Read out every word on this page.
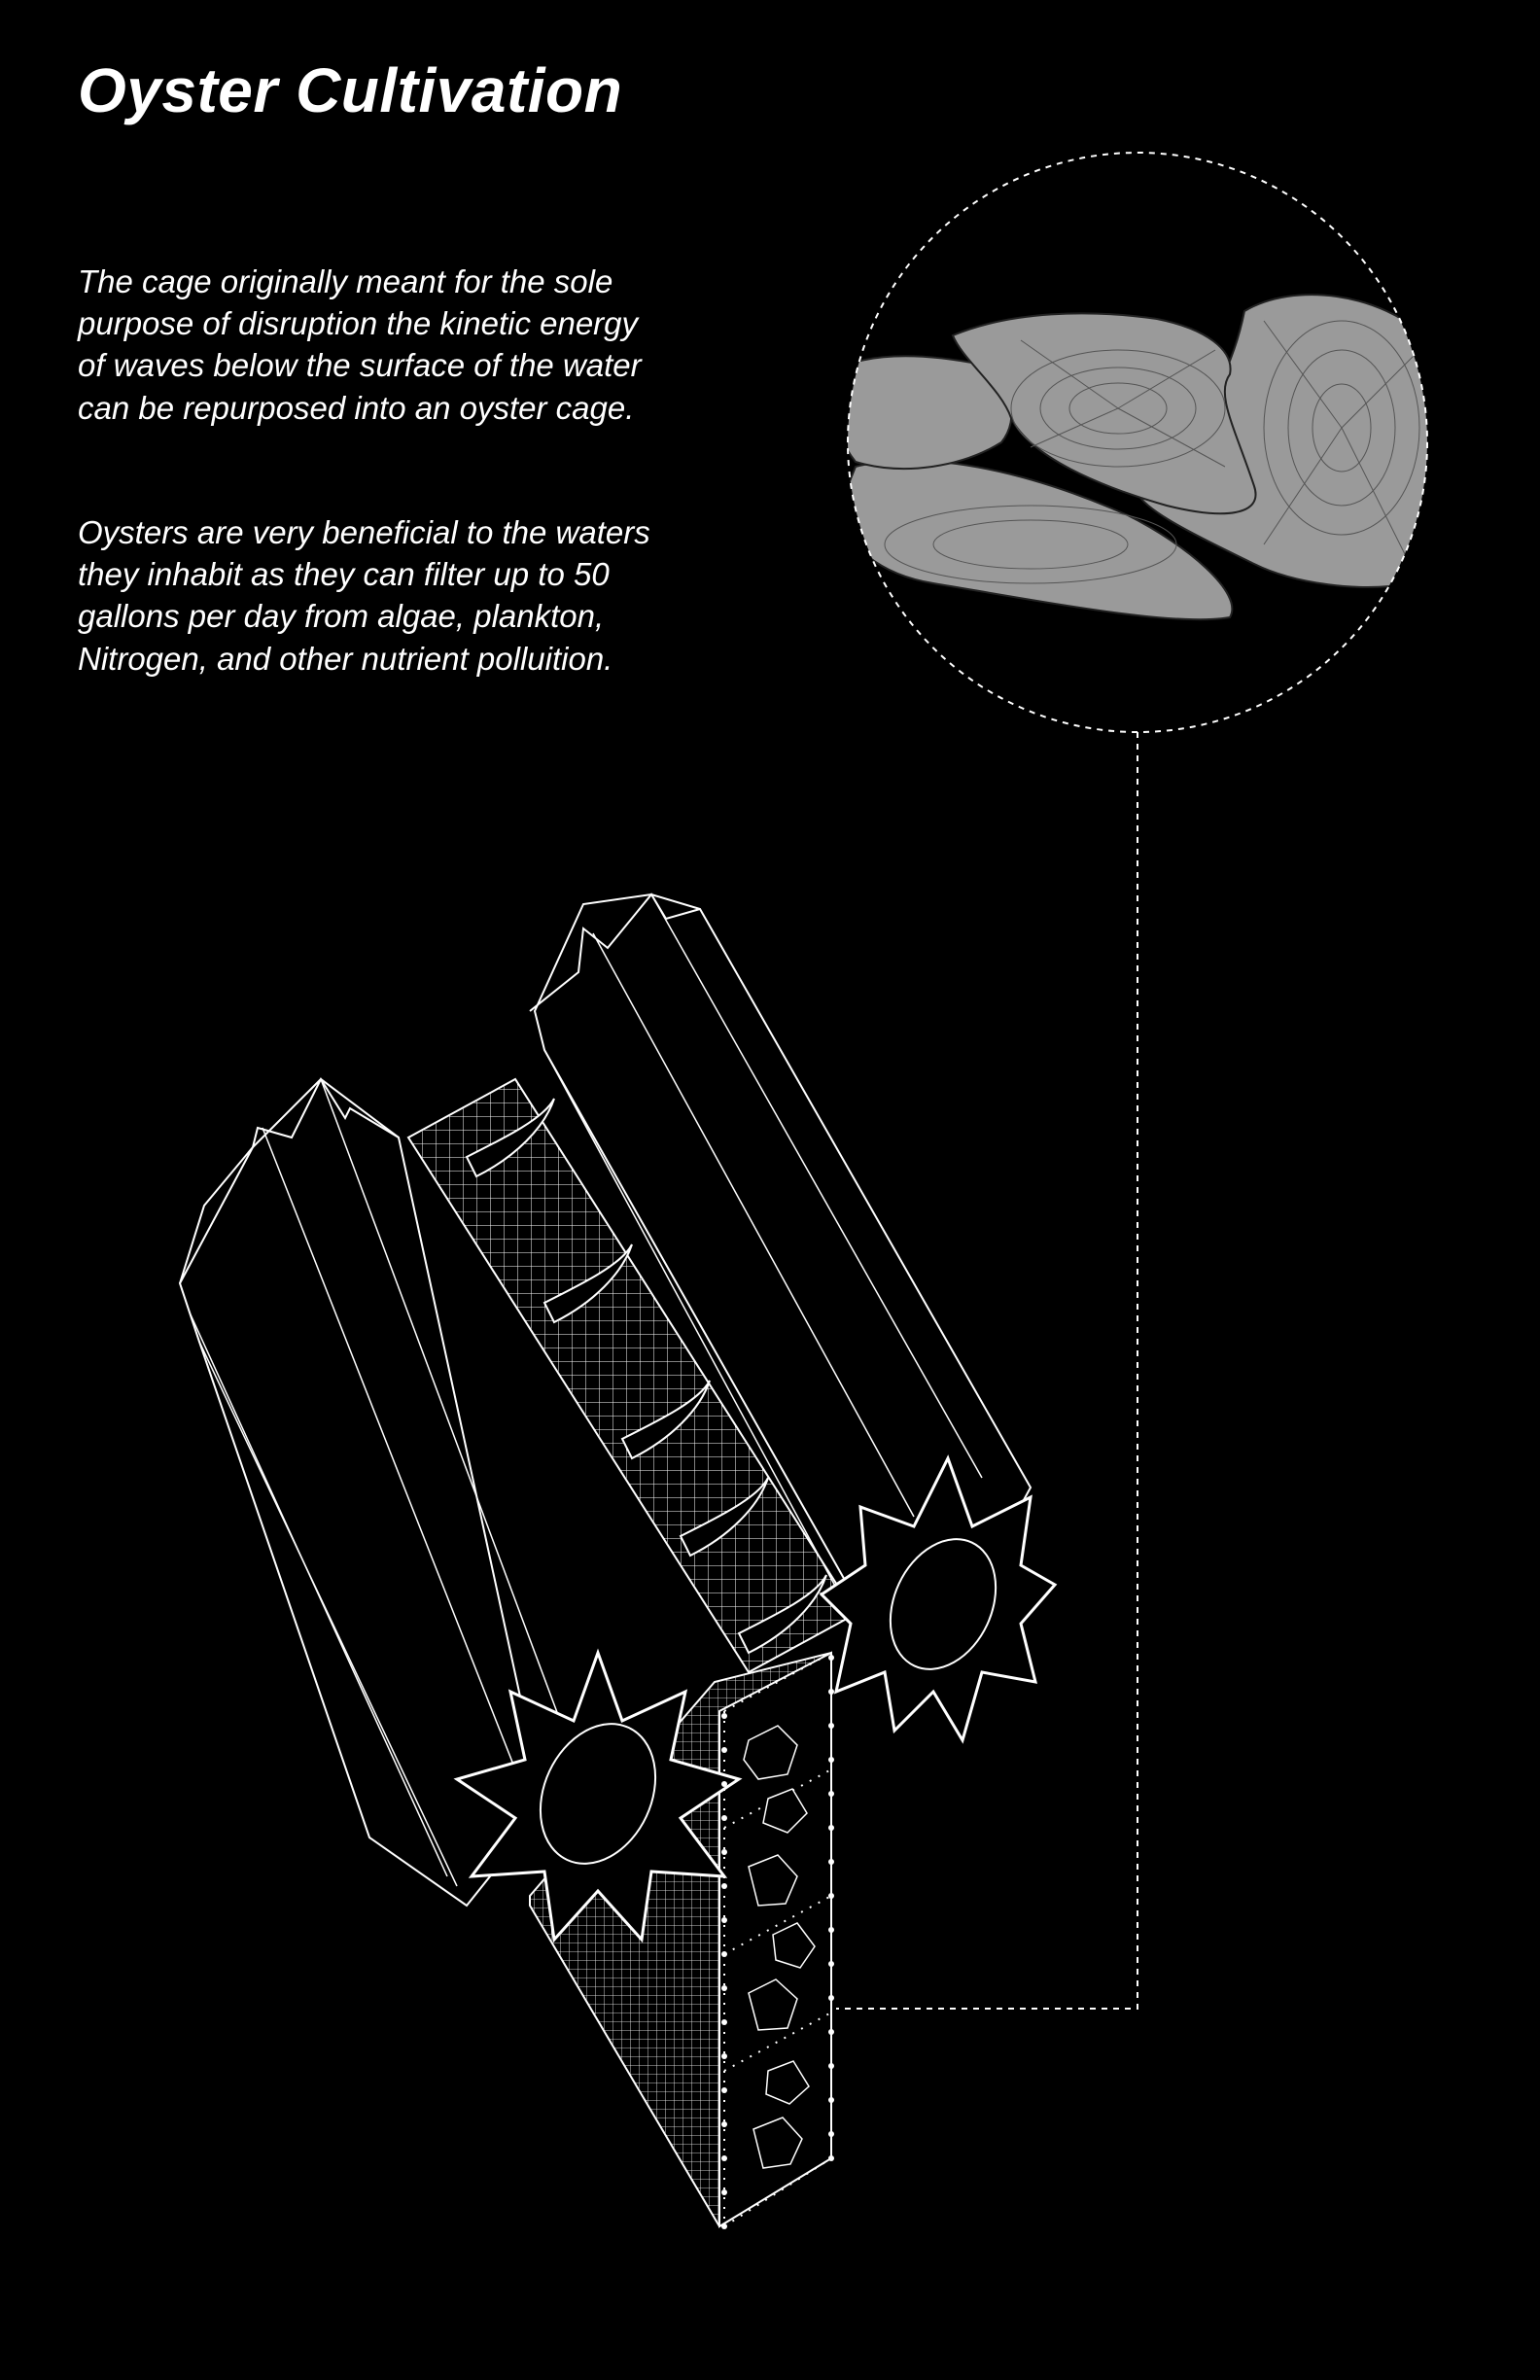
Oyster Cultivation

The cage originally meant for the sole purpose of disruption the kinetic energy of waves below the surface of the water can be repurposed into an oyster cage.

Oysters are very beneficial to the waters they inhabit as they can filter up to 50 gallons per day from algae, plankton, Nitrogen, and other nutrient polluition.
